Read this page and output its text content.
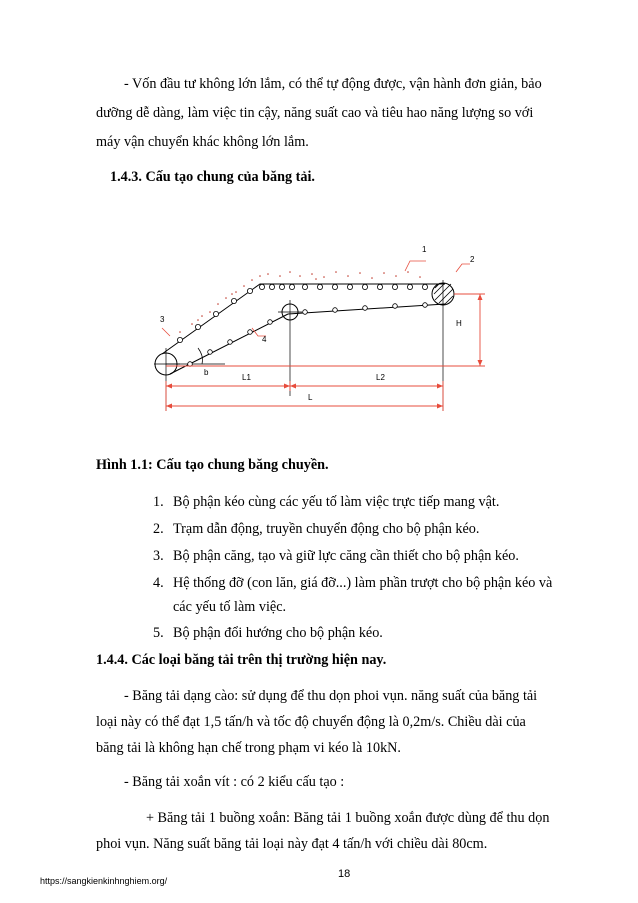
- Vốn đầu tư không lớn lắm, có thể tự động được, vận hành đơn giản, bảo
dưỡng dễ dàng, làm việc tin cậy, năng suất cao và tiêu hao năng lượng so với
máy vận chuyển khác không lớn lắm.
1.4.3. Cấu tạo chung của băng tải.
1
2
3
4
H
b
L1	L2
L
Hình 1.1: Cấu tạo chung băng chuyền.
1. Bộ phận kéo cùng các yếu tố làm việc trực tiếp mang vật.
2. Trạm dẫn động, truyền chuyển động cho bộ phận kéo.
3. Bộ phận căng, tạo và giữ lực căng cần thiết cho bộ phận kéo.
4. Hệ thống đỡ (con lăn, giá đỡ...) làm phần trượt cho bộ phận kéo và
các yếu tố làm việc.
5. Bộ phận đổi hướng cho bộ phận kéo.
1.4.4. Các loại băng tải trên thị trường hiện nay.
- Băng tải dạng cào: sử dụng để thu dọn phoi vụn. năng suất của băng tải
loại này có thể đạt 1,5 tấn/h và tốc độ chuyển động là 0,2m/s. Chiều dài của
băng tải là không hạn chế trong phạm vi kéo là 10kN.
- Băng tải xoắn vít : có 2 kiểu cấu tạo :
+ Băng tải 1 buồng xoắn: Băng tải 1 buồng xoắn được dùng để thu dọn
phoi vụn. Năng suất băng tải loại này đạt 4 tấn/h với chiều dài 80cm.
https://sangkienkinhnghiem.org/
18
